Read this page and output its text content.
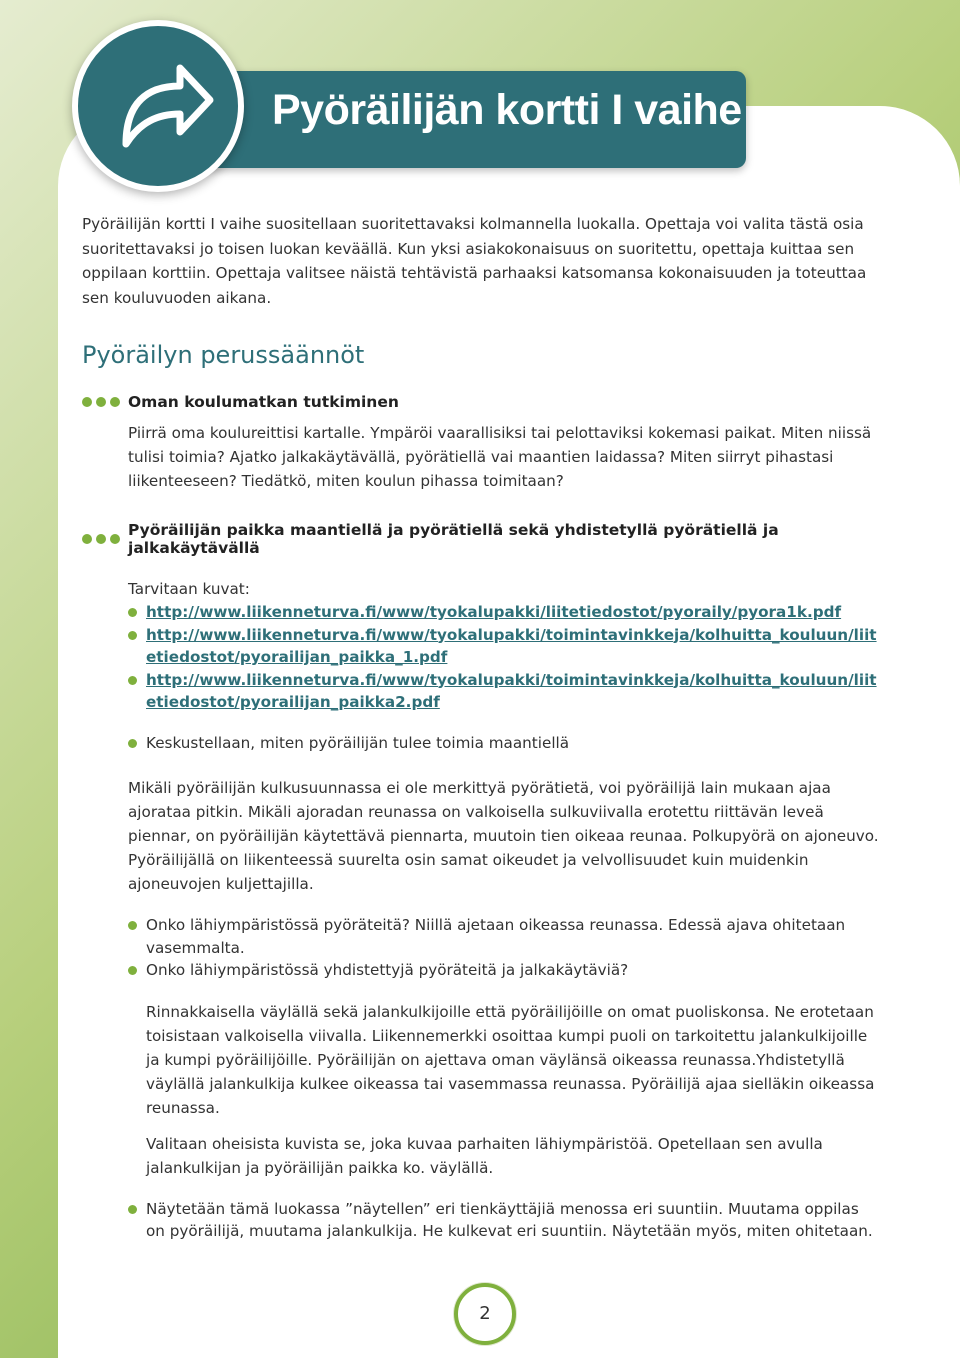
Pyöräilijän kortti I vaihe

Pyöräilijän kortti I vaihe suositellaan suoritettavaksi kolmannella luokalla. Opettaja voi valita tästä osia suoritettavaksi jo toisen luokan keväällä. Kun yksi asiakokonaisuus on suoritettu, opettaja kuittaa sen oppilaan korttiin. Opettaja valitsee näistä tehtävistä parhaaksi katsomansa kokonaisuuden ja toteuttaa sen kouluvuoden aikana.

Pyöräilyn perussäännöt
Oman koulumatkan tutkiminen

Piirrä oma koulureittisi kartalle. Ympäröi vaarallisiksi tai pelottaviksi kokemasi paikat. Miten niissä tulisi toimia? Ajatko jalkakäytävällä, pyörätiellä vai maantien laidassa? Miten siirryt pihastasi liikenteeseen? Tiedätkö, miten koulun pihassa toimitaan?

Pyöräilijän paikka maantiellä ja pyörätiellä sekä yhdistetyllä pyörätiellä ja jalkakäytävällä

Tarvitaan kuvat:

http://www.liikenneturva.fi/www/tyokalupakki/liitetiedostot/pyoraily/pyora1k.pdf
http://www.liikenneturva.fi/www/tyokalupakki/toimintavinkkeja/kolhuitta_kouluun/liitetiedostot/pyorailijan_paikka_1.pdf
http://www.liikenneturva.fi/www/tyokalupakki/toimintavinkkeja/kolhuitta_kouluun/liitetiedostot/pyorailijan_paikka2.pdf
Keskustellaan, miten pyöräilijän tulee toimia maantiellä

Mikäli pyöräilijän kulkusuunnassa ei ole merkittyä pyörätietä, voi pyöräilijä lain mukaan ajaa ajorataa pitkin. Mikäli ajoradan reunassa on valkoisella sulkuviivalla erotettu riittävän leveä piennar, on pyöräilijän käytettävä piennarta, muutoin tien oikeaa reunaa. Polkupyörä on ajoneuvo. Pyöräilijällä on liikenteessä suurelta osin samat oikeudet ja velvollisuudet kuin muidenkin ajoneuvojen kuljettajilla.

Onko lähiympäristössä pyöräteitä? Niillä ajetaan oikeassa reunassa. Edessä ajava ohitetaan vasemmalta.
Onko lähiympäristössä yhdistettyjä pyöräteitä ja jalkakäytäviä?

Rinnakkaisella väylällä sekä jalankulkijoille että pyöräilijöille on omat puoliskonsa. Ne erotetaan toisistaan valkoisella viivalla. Liikennemerkki osoittaa kumpi puoli on tarkoitettu jalankulkijoille ja kumpi pyöräilijöille. Pyöräilijän on ajettava oman väylänsä oikeassa reunassa.Yhdistetyllä väylällä jalankulkija kulkee oikeassa tai vasemmassa reunassa. Pyöräilijä ajaa sielläkin oikeassa reunassa.

Valitaan oheisista kuvista se, joka kuvaa parhaiten lähiympäristöä. Opetellaan sen avulla jalankulkijan ja pyöräilijän paikka ko. väylällä.

Näytetään tämä luokassa ”näytellen” eri tienkäyttäjiä menossa eri suuntiin. Muutama oppilas on pyöräilijä, muutama jalankulkija. He kulkevat eri suuntiin. Näytetään myös, miten ohitetaan.
2
Pyöräilijän kortti I vaihe
